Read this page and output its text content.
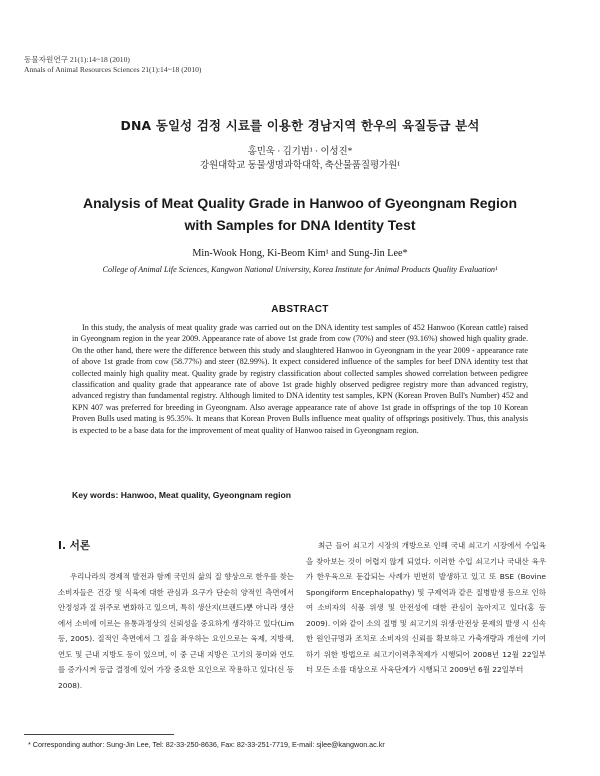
동물자원연구 21(1):14~18 (2010)
Annals of Animal Resources Sciences 21(1):14~18 (2010)
DNA 동일성 검정 시료를 이용한 경남지역 한우의 육질등급 분석
홍민욱 · 김기범¹ · 이성진*
강원대학교 동물생명과학대학, 축산물품질평가원¹
Analysis of Meat Quality Grade in Hanwoo of Gyeongnam Region
with Samples for DNA Identity Test
Min-Wook Hong, Ki-Beom Kim¹ and Sung-Jin Lee*
College of Animal Life Sciences, Kangwon National University, Korea Institute for Animal Products Quality Evaluation¹
ABSTRACT
In this study, the analysis of meat quality grade was carried out on the DNA identity test samples of 452 Hanwoo (Korean cattle) raised in Gyeongnam region in the year 2009. Appearance rate of above 1st grade from cow (70%) and steer (93.16%) showed high quality grade. On the other hand, there were the difference between this study and slaughtered Hanwoo in Gyeongnam in the year 2009 - appearance rate of above 1st grade from cow (58.77%) and steer (82.99%). It expect considered influence of the samples for beef DNA identity test that collected mainly high quality meat. Quality grade by registry classification about collected samples showed correlation between pedigree classification and quality grade that appearance rate of above 1st grade highly observed pedigree registry more than advanced registry, advanced registry than fundamental registry. Although limited to DNA identity test samples, KPN (Korean Proven Bull's Number) 452 and KPN 407 was preferred for breeding in Gyeongnam. Also average appearance rate of above 1st grade in offsprings of the top 10 Korean Proven Bulls used mating is 95.35%. It means that Korean Proven Bulls influence meat quality of offsprings positively. Thus, this analysis is expected to be a base data for the improvement of meat quality of Hanwoo raised in Gyeongnam region.
Key words: Hanwoo, Meat quality, Gyeongnam region
Ⅰ. 서론

우리나라의 경제적 발전과 함께 국민의 삶의 질 향상으로 한우를 찾는 소비자들은 건강 및 식육에 대한 관심과 요구가 단순히 양적인 측면에서 안정성과 질 위주로 변화하고 있으며, 특히 생산지(브랜드)뿐 아니라 생산에서 소비에 이르는 유통과정상의 신뢰성을 중요하게 생각하고 있다(Lim 등, 2005). 질적인 측면에서 그 질을 좌우하는 요인으로는 육제, 지방색, 연도 및 근내 지방도 등이 있으며, 이 중 근내 지방은 고기의 풍미와 연도를 증가시켜 등급 결정에 있어 가장 중요한 요인으로 작용하고 있다(신 등 2008).

최근 들어 쇠고기 시장의 개방으로 인해 국내 쇠고기 시장에서 수입육을 찾아보는 것이 어렵지 않게 되었다. 이러한 수입 쇠고기나 국내산 육우가 한우육으로 둔갑되는 사례가 빈번히 발생하고 있고 또 BSE (Bovine Spongiform Encephalopathy) 및 구제역과 같은 질병발생 등으로 인하여 소비자의 식품 위생 및 안전성에 대한 관심이 높아지고 있다(홍 등 2009). 이와 같이 소의 질병 및 쇠고기의 위생·안전상 문제의 발생 시 신속한 원인규명과 조치로 소비자의 신뢰를 확보하고 가축개량과 개선에 기여하기 위한 방법으로 쇠고기이력추적제가 시행되어 2008년 12월 22일부터 모든 소를 대상으로 사육단계가 시행되고 2009년 6월 22일부터

* Corresponding author: Sung-Jin Lee, Tel: 82-33-250-8636, Fax: 82-33-251-7719, E-mail: sjlee@kangwon.ac.kr
